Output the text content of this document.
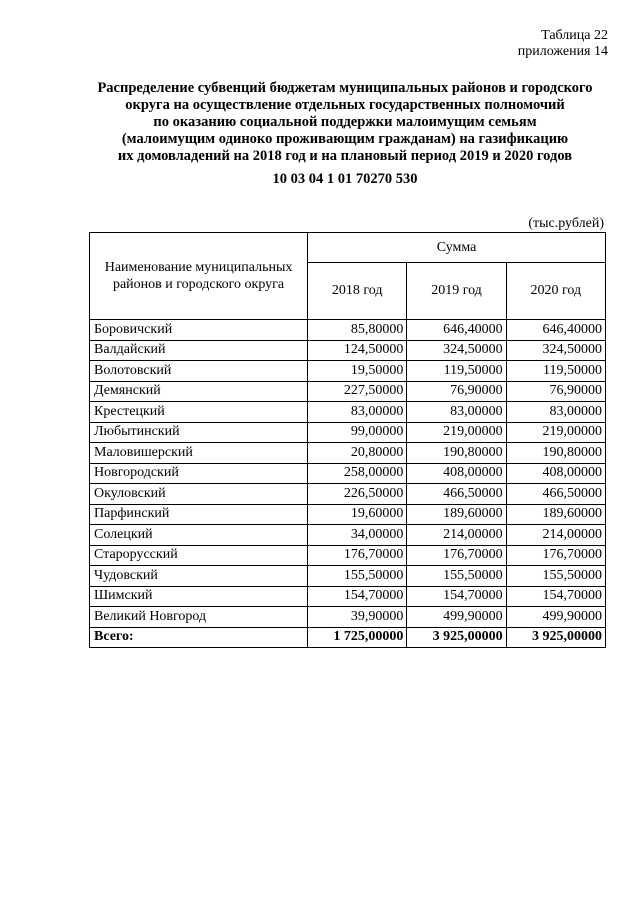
Таблица 22
приложения 14
Распределение субвенций бюджетам муниципальных районов и городского
округа на осуществление отдельных государственных полномочий
по оказанию социальной поддержки малоимущим семьям
(малоимущим одиноко проживающим гражданам) на газификацию
их домовладений на 2018 год и на плановый период 2019 и 2020 годов
10 03 04 1 01 70270 530
(тыс.рублей)
Наименование муниципальных районов и городского округа	Сумма		
	2018 год	2019 год	2020 год
Боровичский	85,80000	646,40000	646,40000
Валдайский	124,50000	324,50000	324,50000
Волотовский	19,50000	119,50000	119,50000
Демянский	227,50000	76,90000	76,90000
Крестецкий	83,00000	83,00000	83,00000
Любытинский	99,00000	219,00000	219,00000
Маловишерский	20,80000	190,80000	190,80000
Новгородский	258,00000	408,00000	408,00000
Окуловский	226,50000	466,50000	466,50000
Парфинский	19,60000	189,60000	189,60000
Солецкий	34,00000	214,00000	214,00000
Старорусский	176,70000	176,70000	176,70000
Чудовский	155,50000	155,50000	155,50000
Шимский	154,70000	154,70000	154,70000
Великий Новгород	39,90000	499,90000	499,90000
Всего:	1 725,00000	3 925,00000	3 925,00000
